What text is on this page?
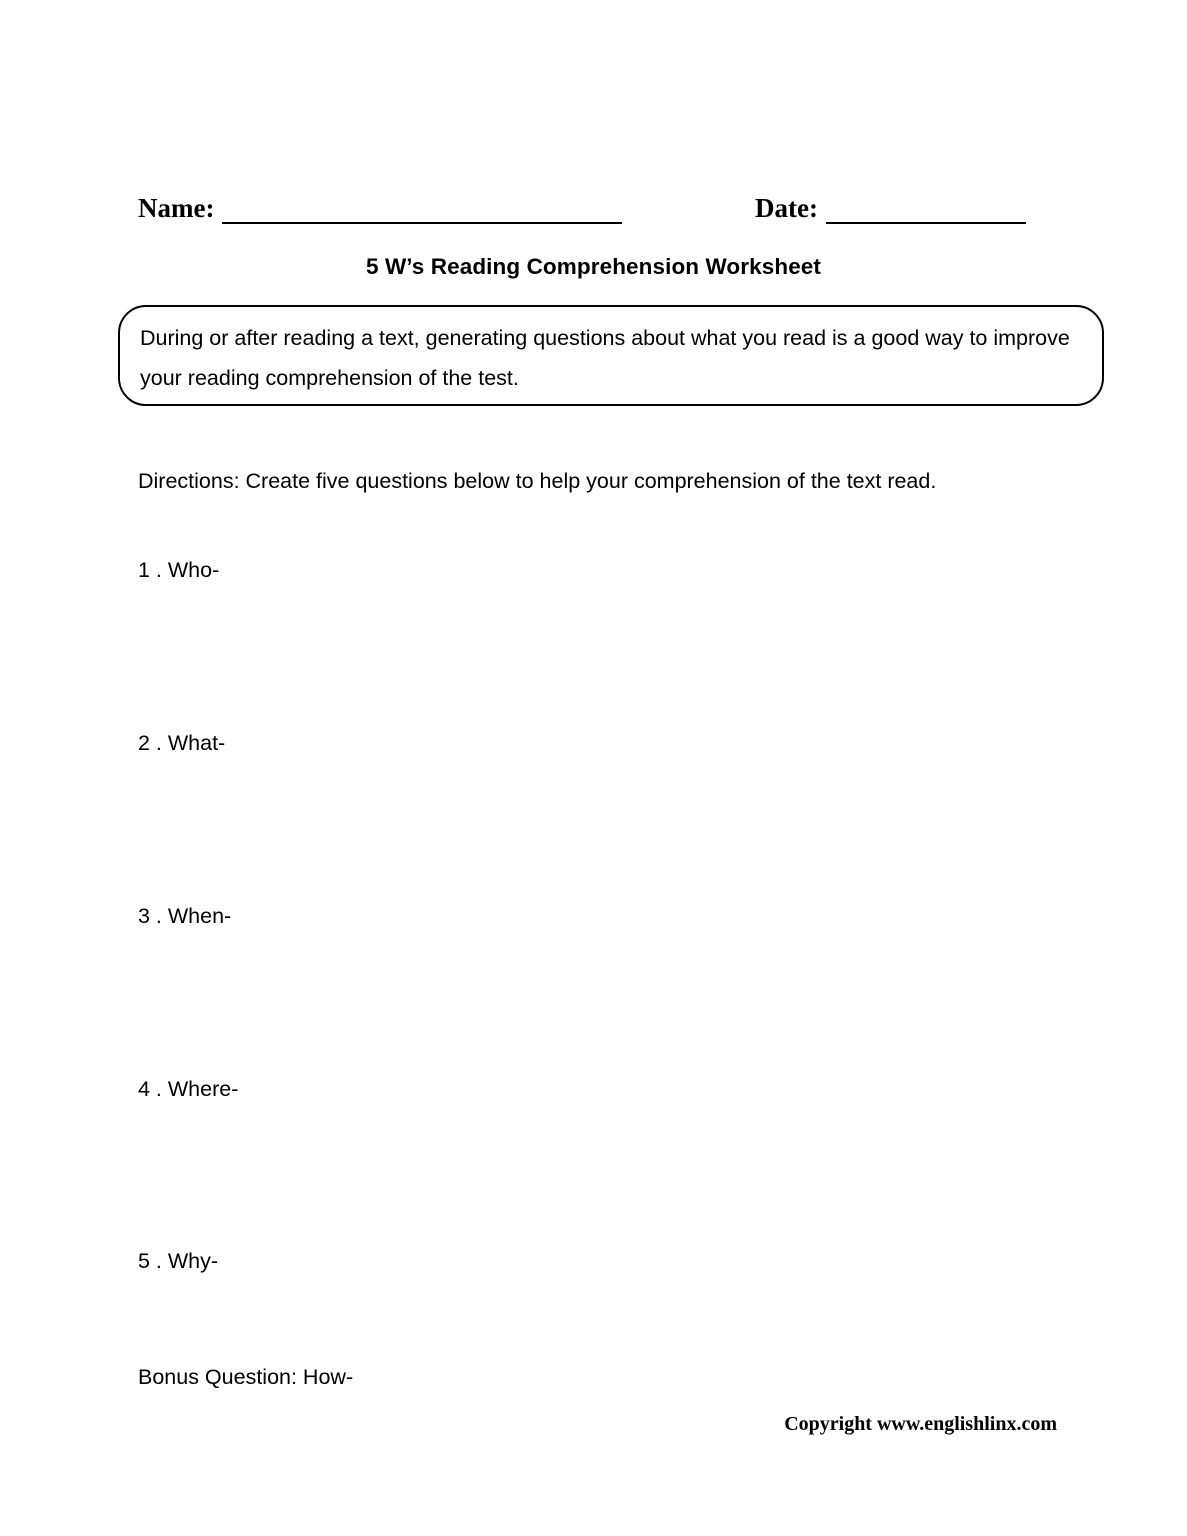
Name:	Date:
5 W’s Reading Comprehension Worksheet
During or after reading a text, generating questions about what you read is a good way to improve your reading comprehension of the test.
Directions: Create five questions below to help your comprehension of the text read.
1 . Who-
2 . What-
3 . When-
4 . Where-
5 . Why-
Bonus Question: How-
Copyright www.englishlinx.com
